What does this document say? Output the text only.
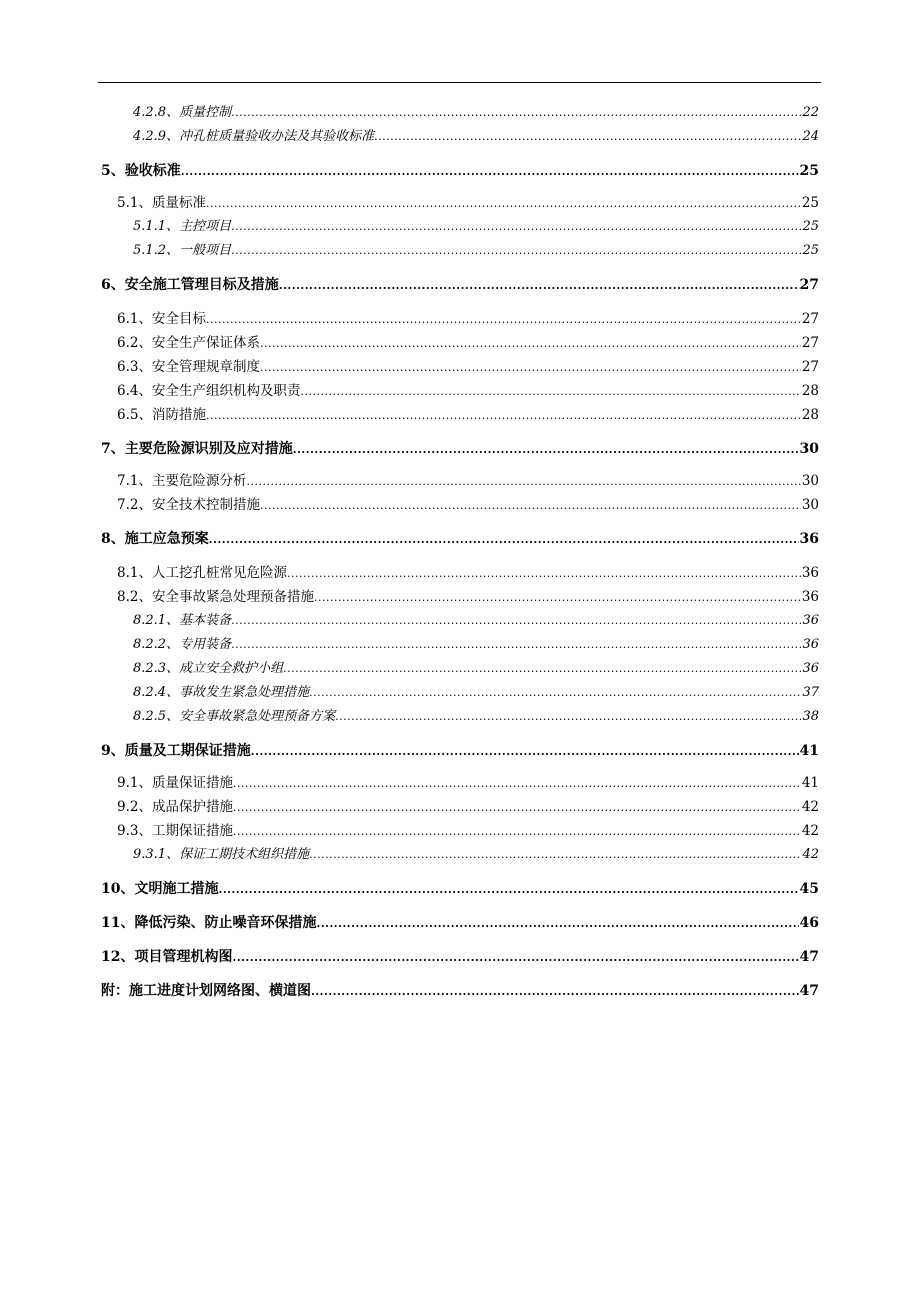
4.2.8 、 质量控制 .....	22
4.2.9 、 冲孔桩质量验收办法及其验收标准 .....	24
5 、 验收标准 .....	25
5.1 、 质量标准 .....	25
5.1.1 、 主控项目 .....	25
5.1.2 、 一般项目 .....	25
6 、 安全施工管理目标及措施 .....	27
6.1 、 安全目标 .....	27
6.2 、 安全生产保证体系 .....	27
6.3 、 安全管理规章制度 .....	27
6.4 、 安全生产组织机构及职责 .....	28
6.5 、 消防措施 .....	28
7 、 主要危险源识别及应对措施 .....	30
7.1 、 主要危险源分析 .....	30
7.2 、 安全技术控制措施 .....	30
8 、 施工应急预案 .....	36
8.1 、 人工挖孔桩常见危险源 .....	36
8.2 、 安全事故紧急处理预备措施 .....	36
8.2.1 、 基本装备 .....	36
8.2.2 、 专用装备 .....	36
8.2.3 、 成立安全救护小组 .....	36
8.2.4 、 事故发生紧急处理措施 .....	37
8.2.5 、 安全事故紧急处理预备方案 .....	38
9 、 质量及工期保证措施 .....	41
9.1 、 质量保证措施 .....	41
9.2 、 成品保护措施 .....	42
9.3 、 工期保证措施 .....	42
9.3.1 、 保证工期技术组织措施 .....	42
10 、 文明施工措施 .....	45
11 、 降低污染、防止噪音环保措施 .....	46
12 、 项目管理机构图 .....	47
附 ： 施工进度计划网络图、横道图 .....	47
